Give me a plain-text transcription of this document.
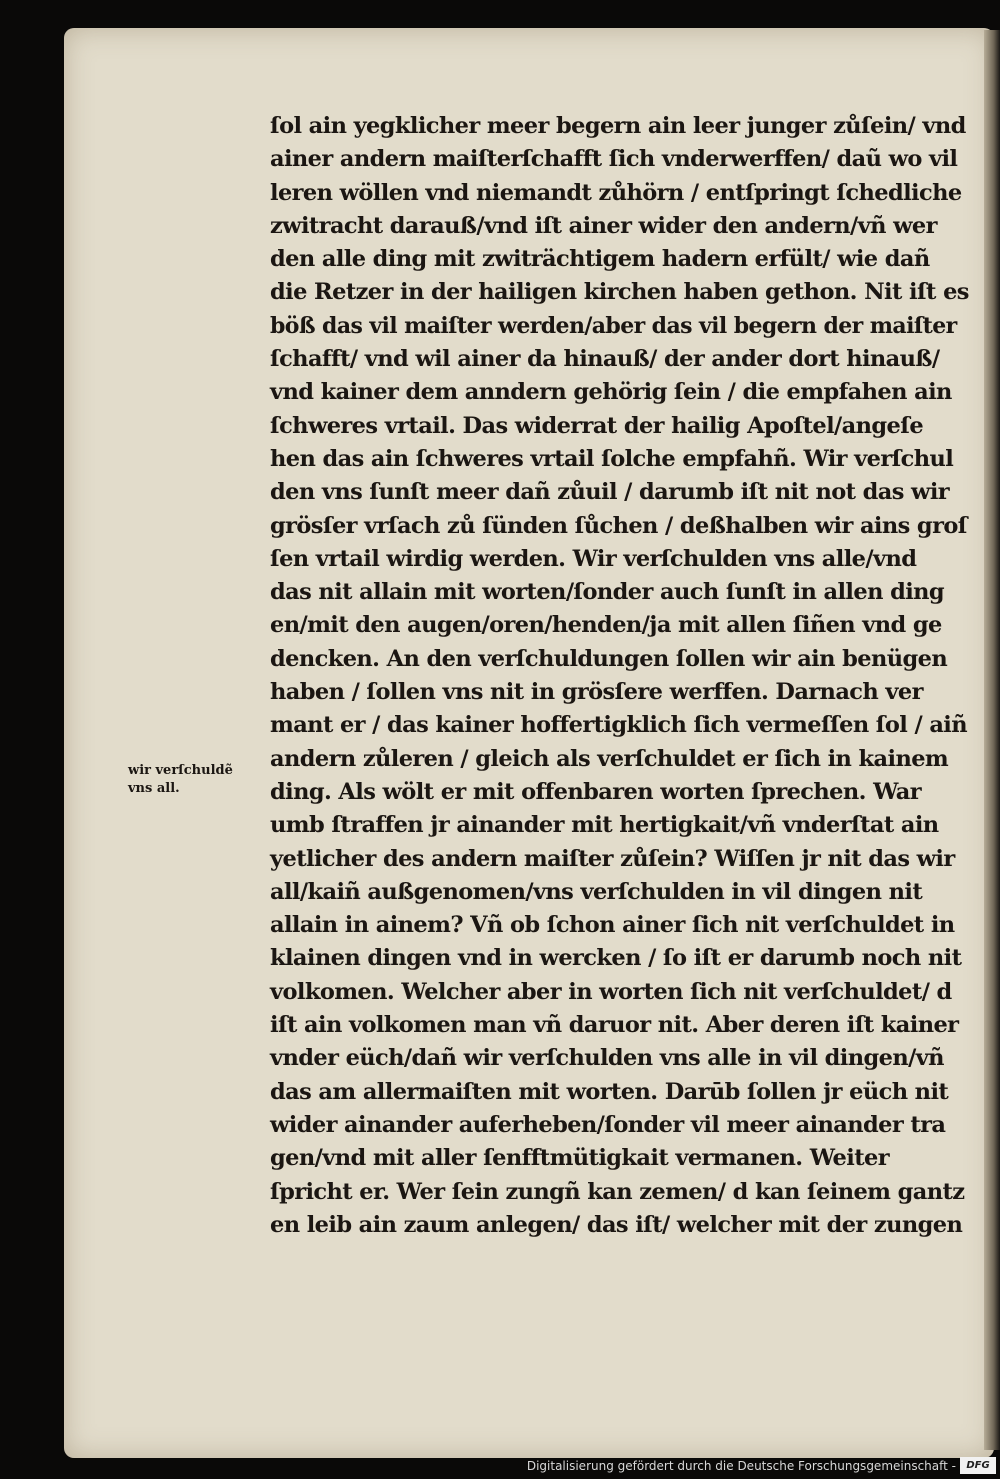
ſol ain yegklicher meer begern ain leer junger zůſein/ vnd
ainer andern maiſterſchafft ſich vnderwerffen/ daũ wo vil
leren wöllen vnd niemandt zůhörn / entſpringt ſchedliche
zwitracht darauß/vnd iſt ainer wider den andern/vñ wer
den alle ding mit zwiträchtigem hadern erfült/ wie dañ
die Retzer in der hailigen kirchen haben gethon. Nit iſt es
böß das vil maiſter werden/aber das vil begern der maiſter
ſchafft/ vnd wil ainer da hinauß/ der ander dort hinauß/
vnd kainer dem anndern gehörig ſein / die empfahen ain
ſchweres vrtail. Das widerrat der hailig Apoſtel/angeſe
hen das ain ſchweres vrtail ſolche empfahñ. Wir verſchul
den vns ſunſt meer dañ zůuil / darumb iſt nit not das wir
grösſer vrſach zů ſünden ſůchen / deßhalben wir ains groſ
ſen vrtail wirdig werden. Wir verſchulden vns alle/vnd
das nit allain mit worten/ſonder auch ſunſt in allen ding
en/mit den augen/oren/henden/ja mit allen ſiñen vnd ge
dencken. An den verſchuldungen ſollen wir ain benügen
haben / ſollen vns nit in grösſere werffen. Darnach ver
mant er / das kainer hoffertigklich ſich vermeſſen ſol / aiñ
andern zůleren / gleich als verſchuldet er ſich in kainem
ding. Als wölt er mit offenbaren worten ſprechen. War
umb ſtraffen jr ainander mit hertigkait/vñ vnderſtat ain
yetlicher des andern maiſter zůſein? Wiſſen jr nit das wir
all/kaiñ außgenomen/vns verſchulden in vil dingen nit
allain in ainem? Vñ ob ſchon ainer ſich nit verſchuldet in
klainen dingen vnd in wercken / ſo iſt er darumb noch nit
volkomen. Welcher aber in worten ſich nit verſchuldet/ d
iſt ain volkomen man vñ daruor nit. Aber deren iſt kainer
vnder eüch/dañ wir verſchulden vns alle in vil dingen/vñ
das am allermaiſten mit worten. Darūb ſollen jr eüch nit
wider ainander auferheben/ſonder vil meer ainander tra
gen/vnd mit aller ſenfftmütigkait vermanen. Weiter
ſpricht er. Wer ſein zungñ kan zemen/ d kan ſeinem gantz
en leib ain zaum anlegen/ das iſt/ welcher mit der zungen
wir verſchuldẽ
vns all.
Digitalisierung gefördert durch die Deutsche Forschungsgemeinschaft -	DFG
